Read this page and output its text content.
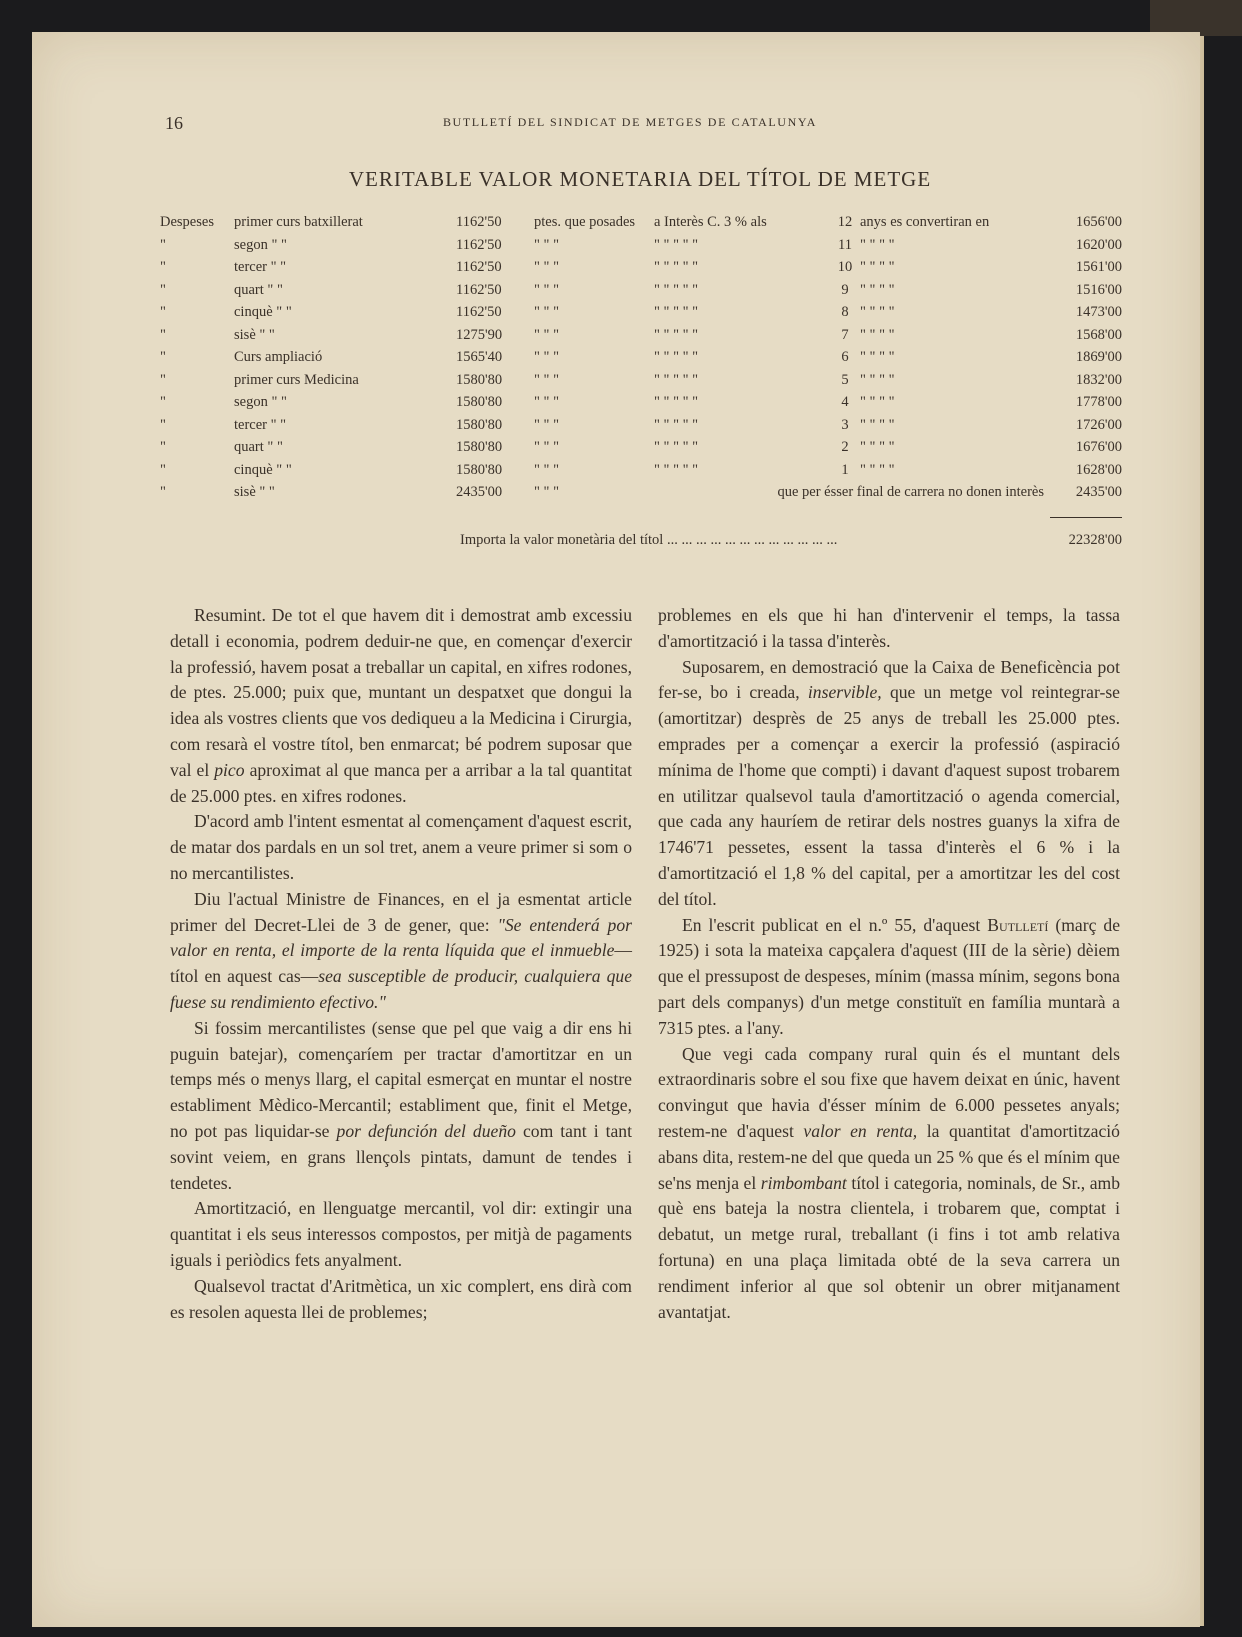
16	BUTLLETÍ DEL SINDICAT DE METGES DE CATALUNYA
VERITABLE VALOR MONETARIA DEL TÍTOL DE METGE
Despeses	primer curs batxillerat	1162'50	ptes. que posades	a Interès C. 3 % als	12	anys es convertiran en	1656'00
"	segon " "	1162'50	" " "	" " " " "	11	" " " "	1620'00
"	tercer " "	1162'50	" " "	" " " " "	10	" " " "	1561'00
"	quart " "	1162'50	" " "	" " " " "	9	" " " "	1516'00
"	cinquè " "	1162'50	" " "	" " " " "	8	" " " "	1473'00
"	sisè " "	1275'90	" " "	" " " " "	7	" " " "	1568'00
"	Curs ampliació	1565'40	" " "	" " " " "	6	" " " "	1869'00
"	primer curs Medicina	1580'80	" " "	" " " " "	5	" " " "	1832'00
"	segon " "	1580'80	" " "	" " " " "	4	" " " "	1778'00
"	tercer " "	1580'80	" " "	" " " " "	3	" " " "	1726'00
"	quart " "	1580'80	" " "	" " " " "	2	" " " "	1676'00
"	cinquè " "	1580'80	" " "	" " " " "	1	" " " "	1628'00
"	sisè " "	2435'00	" " "	que per ésser final de carrera no donen interès			2435'00
Importa la valor monetària del títol ... ... ... ... ... ... ... ... ... ... ... ...	22328'00

Resumint. De tot el que havem dit i demostrat amb excessiu detall i economia, podrem deduir-ne que, en començar d'exercir la professió, havem posat a treballar un capital, en xifres rodones, de ptes. 25.000; puix que, muntant un despatxet que dongui la idea als vostres clients que vos dediqueu a la Medicina i Cirurgia, com resarà el vostre títol, ben enmarcat; bé podrem suposar que val el pico aproximat al que manca per a arribar a la tal quantitat de 25.000 ptes. en xifres rodones.

D'acord amb l'intent esmentat al començament d'aquest escrit, de matar dos pardals en un sol tret, anem a veure primer si som o no mercantilistes.

Diu l'actual Ministre de Finances, en el ja esmentat article primer del Decret-Llei de 3 de gener, que: "Se entenderá por valor en renta, el importe de la renta líquida que el inmueble—títol en aquest cas—sea susceptible de producir, cualquiera que fuese su rendimiento efectivo."

Si fossim mercantilistes (sense que pel que vaig a dir ens hi puguin batejar), començaríem per tractar d'amortitzar en un temps més o menys llarg, el capital esmerçat en muntar el nostre establiment Mèdico-Mercantil; establiment que, finit el Metge, no pot pas liquidar-se por defunción del dueño com tant i tant sovint veiem, en grans llençols pintats, damunt de tendes i tendetes.

Amortització, en llenguatge mercantil, vol dir: extingir una quantitat i els seus interessos compostos, per mitjà de pagaments iguals i periòdics fets anyalment.

Qualsevol tractat d'Aritmètica, un xic complert, ens dirà com es resolen aquesta llei de problemes;

problemes en els que hi han d'intervenir el temps, la tassa d'amortització i la tassa d'interès.

Suposarem, en demostració que la Caixa de Beneficència pot fer-se, bo i creada, inservible, que un metge vol reintegrar-se (amortitzar) desprès de 25 anys de treball les 25.000 ptes. emprades per a començar a exercir la professió (aspiració mínima de l'home que compti) i davant d'aquest supost trobarem en utilitzar qualsevol taula d'amortització o agenda comercial, que cada any hauríem de retirar dels nostres guanys la xifra de 1746'71 pessetes, essent la tassa d'interès el 6 % i la d'amortització el 1,8 % del capital, per a amortitzar les del cost del títol.

En l'escrit publicat en el n.º 55, d'aquest Butlletí (març de 1925) i sota la mateixa capçalera d'aquest (III de la sèrie) dèiem que el pressupost de despeses, mínim (massa mínim, segons bona part dels companys) d'un metge constituït en família muntarà a 7315 ptes. a l'any.

Que vegi cada company rural quin és el muntant dels extraordinaris sobre el sou fixe que havem deixat en únic, havent convingut que havia d'ésser mínim de 6.000 pessetes anyals; restem-ne d'aquest valor en renta, la quantitat d'amortització abans dita, restem-ne del que queda un 25 % que és el mínim que se'ns menja el rimbombant títol i categoria, nominals, de Sr., amb què ens bateja la nostra clientela, i trobarem que, comptat i debatut, un metge rural, treballant (i fins i tot amb relativa fortuna) en una plaça limitada obté de la seva carrera un rendiment inferior al que sol obtenir un obrer mitjanament avantatjat.
